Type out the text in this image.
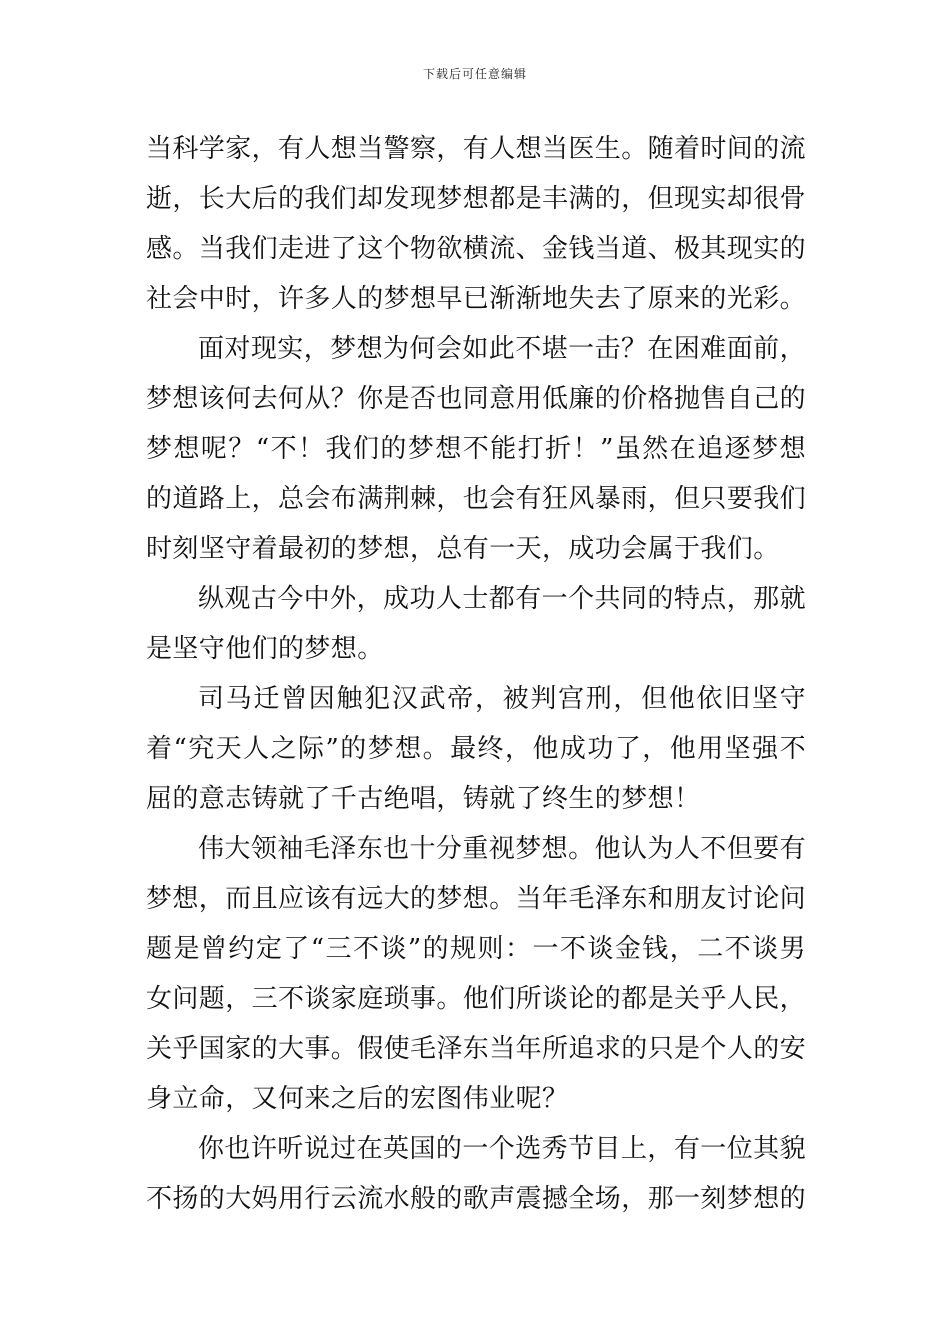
下载后可任意编辑

当科学家，有人想当警察，有人想当医生。随着时间的流逝，长大后的我们却发现梦想都是丰满的，但现实却很骨感。当我们走进了这个物欲横流、金钱当道、极其现实的社会中时，许多人的梦想早已渐渐地失去了原来的光彩。

面对现实，梦想为何会如此不堪一击？在困难面前，梦想该何去何从？你是否也同意用低廉的价格抛售自己的梦想呢？“不！我们的梦想不能打折！”虽然在追逐梦想的道路上，总会布满荆棘，也会有狂风暴雨，但只要我们时刻坚守着最初的梦想，总有一天，成功会属于我们。

纵观古今中外，成功人士都有一个共同的特点，那就是坚守他们的梦想。

司马迁曾因触犯汉武帝，被判宫刑，但他依旧坚守着“究天人之际”的梦想。最终，他成功了，他用坚强不屈的意志铸就了千古绝唱，铸就了终生的梦想！

伟大领袖毛泽东也十分重视梦想。他认为人不但要有梦想，而且应该有远大的梦想。当年毛泽东和朋友讨论问题是曾约定了“三不谈”的规则：一不谈金钱，二不谈男女问题，三不谈家庭琐事。他们所谈论的都是关乎人民，关乎国家的大事。假使毛泽东当年所追求的只是个人的安身立命，又何来之后的宏图伟业呢？

你也许听说过在英国的一个选秀节目上，有一位其貌不扬的大妈用行云流水般的歌声震撼全场，那一刻梦想的
